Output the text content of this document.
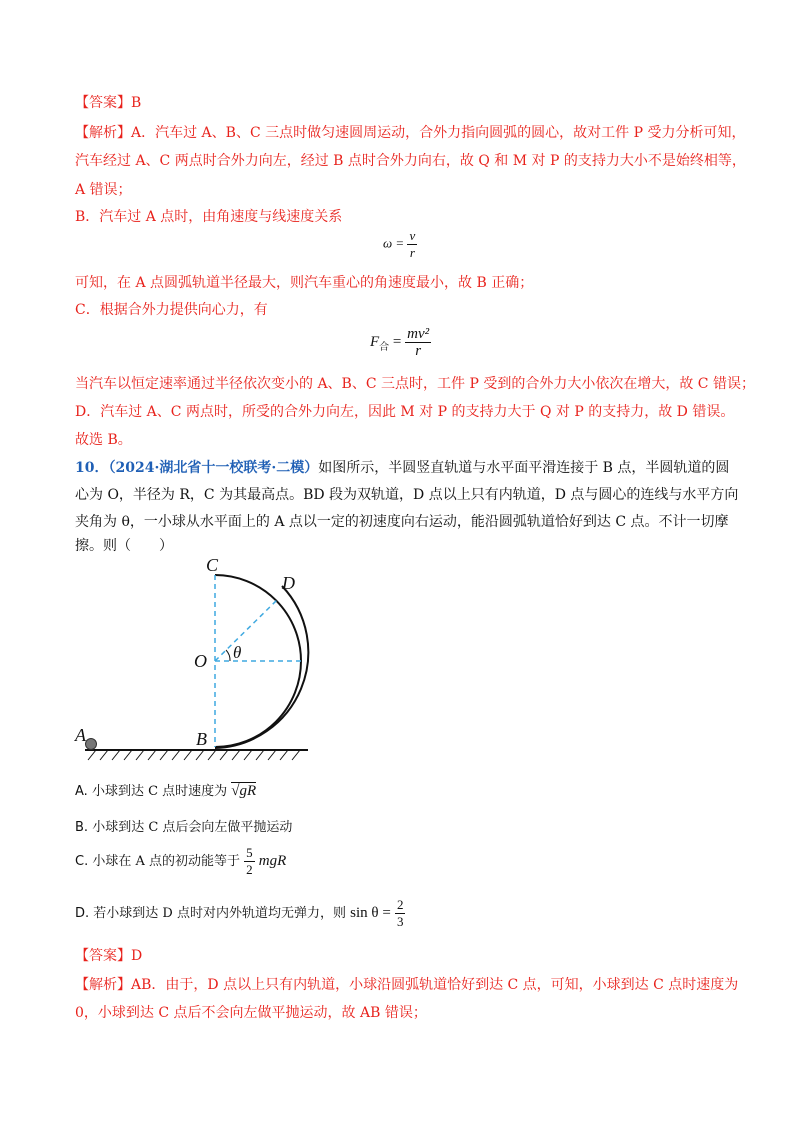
【答案】B
【解析】A．汽车过 A、B、C 三点时做匀速圆周运动，合外力指向圆弧的圆心，故对工件 P 受力分析可知，
汽车经过 A、C 两点时合外力向左，经过 B 点时合外力向右，故 Q 和 M 对 P 的支持力大小不是始终相等，
A 错误；
B．汽车过 A 点时，由角速度与线速度关系
$\omega = \frac{v}{r}$
可知，在 A 点圆弧轨道半径最大，则汽车重心的角速度最小，故 B 正确；
C．根据合外力提供向心力，有
$F_合 = \frac{\text{mv²}}{r}$
当汽车以恒定速率通过半径依次变小的 A、B、C 三点时，工件 P 受到的合外力大小依次在增大，故 C 错误；
D．汽车过 A、C 两点时，所受的合外力向左，因此 M 对 P 的支持力大于 Q 对 P 的支持力，故 D 错误。
故选 B。
10．（2024·湖北省十一校联考·二模）如图所示，半圆竖直轨道与水平面平滑连接于 B 点，半圆轨道的圆
心为 O，半径为 R，C 为其最高点。BD 段为双轨道，D 点以上只有内轨道，D 点与圆心的连线与水平方向
夹角为 θ，一小球从水平面上的 A 点以一定的初速度向右运动，能沿圆弧轨道恰好到达 C 点。不计一切摩
擦。则（　　）
A	B
C
D
O θ
A. 小球到达 C 点时速度为 √gR
B. 小球到达 C 点后会向左做平抛运动
C. 小球在 A 点的初动能等于 $\frac{5}{2}$ mgR
D. 若小球到达 D 点时对内外轨道均无弹力，则 $\sin \theta = \frac{2}{3}$
【答案】D
【解析】AB．由于，D 点以上只有内轨道，小球沿圆弧轨道恰好到达 C 点，可知，小球到达 C 点时速度为
0，小球到达 C 点后不会向左做平抛运动，故 AB 错误；
